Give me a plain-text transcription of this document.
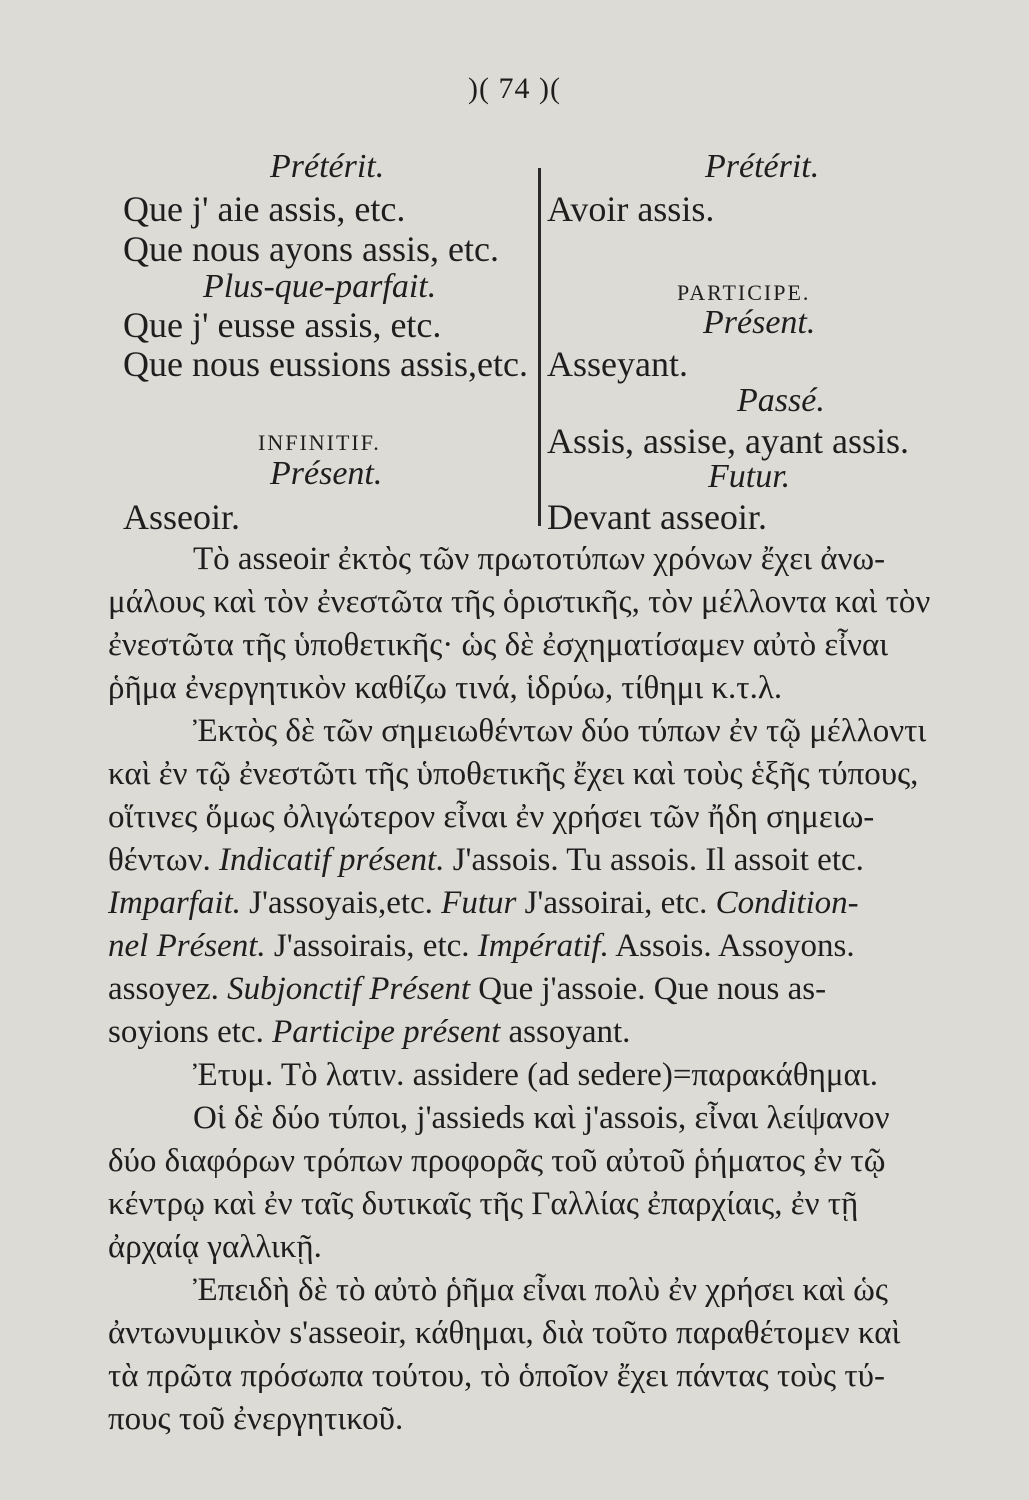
)( 74 )(
Prétérit.
Que j' aie assis, etc.
Que nous ayons assis, etc.
Plus-que-parfait.
Que j' eusse assis, etc.
Que nous eussions assis,etc.
INFINITIF.
Présent.
Asseoir.
Prétérit.
Avoir assis.
PARTICIPE.
Présent.
Asseyant.
Passé.
Assis, assise, ayant assis.
Futur.
Devant asseoir.
Τὸ asseoir ἐκτὸς τῶν πρωτοτύπων χρόνων ἔχει ἀνω-
μάλους καὶ τὸν ἐνεστῶτα τῆς ὁριστικῆς, τὸν μέλλοντα καὶ τὸν
ἐνεστῶτα τῆς ὑποθετικῆς· ὡς δὲ ἐσχηματίσαμεν αὐτὸ εἶναι
ῥῆμα ἐνεργητικὸν καθίζω τινά, ἱδρύω, τίθημι κ.τ.λ.
Ἐκτὸς δὲ τῶν σημειωθέντων δύο τύπων ἐν τῷ μέλλοντι
καὶ ἐν τῷ ἐνεστῶτι τῆς ὑποθετικῆς ἔχει καὶ τοὺς ἑξῆς τύπους,
οἵτινες ὅμως ὀλιγώτερον εἶναι ἐν χρήσει τῶν ἤδη σημειω-
θέντων. Indicatif présent. J'assois. Tu assois. Il assoit etc.
Imparfait. J'assoyais,etc. Futur J'assoirai, etc. Condition-
nel Présent. J'assoirais, etc. Impératif. Assois. Assoyons.
assoyez. Subjonctif Présent Que j'assoie. Que nous as-
soyions etc. Participe présent assoyant.
Ἐτυμ. Τὸ λατιν. assidere (ad sedere)=παρακάθημαι.
Οἱ δὲ δύο τύποι, j'assieds καὶ j'assois, εἶναι λείψανον
δύο διαφόρων τρόπων προφορᾶς τοῦ αὐτοῦ ῥήματος ἐν τῷ
κέντρῳ καὶ ἐν ταῖς δυτικαῖς τῆς Γαλλίας ἐπαρχίαις, ἐν τῇ
ἀρχαίᾳ γαλλικῇ.
Ἐπειδὴ δὲ τὸ αὐτὸ ῥῆμα εἶναι πολὺ ἐν χρήσει καὶ ὡς
ἀντωνυμικὸν s'asseoir, κάθημαι, διὰ τοῦτο παραθέτομεν καὶ
τὰ πρῶτα πρόσωπα τούτου, τὸ ὁποῖον ἔχει πάντας τοὺς τύ-
πους τοῦ ἐνεργητικοῦ.
